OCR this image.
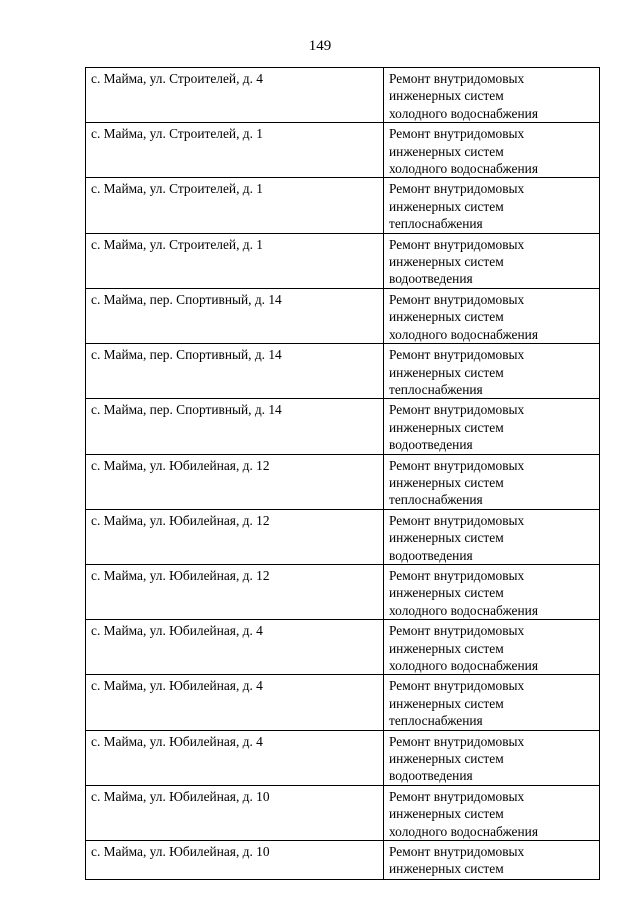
149
с. Майма, ул. Строителей, д. 4	Ремонт внутридомовых
инженерных систем
холодного водоснабжения

с. Майма, ул. Строителей, д. 1	Ремонт внутридомовых
инженерных систем
холодного водоснабжения

с. Майма, ул. Строителей, д. 1	Ремонт внутридомовых
инженерных систем
теплоснабжения

с. Майма, ул. Строителей, д. 1	Ремонт внутридомовых
инженерных систем
водоотведения

с. Майма, пер. Спортивный, д. 14	Ремонт внутридомовых
инженерных систем
холодного водоснабжения

с. Майма, пер. Спортивный, д. 14	Ремонт внутридомовых
инженерных систем
теплоснабжения

с. Майма, пер. Спортивный, д. 14	Ремонт внутридомовых
инженерных систем
водоотведения

с. Майма, ул. Юбилейная, д. 12	Ремонт внутридомовых
инженерных систем
теплоснабжения

с. Майма, ул. Юбилейная, д. 12	Ремонт внутридомовых
инженерных систем
водоотведения

с. Майма, ул. Юбилейная, д. 12	Ремонт внутридомовых
инженерных систем
холодного водоснабжения

с. Майма, ул. Юбилейная, д. 4	Ремонт внутридомовых
инженерных систем
холодного водоснабжения

с. Майма, ул. Юбилейная, д. 4	Ремонт внутридомовых
инженерных систем
теплоснабжения

с. Майма, ул. Юбилейная, д. 4	Ремонт внутридомовых
инженерных систем
водоотведения

с. Майма, ул. Юбилейная, д. 10	Ремонт внутридомовых
инженерных систем
холодного водоснабжения

с. Майма, ул. Юбилейная, д. 10	Ремонт внутридомовых
инженерных систем
